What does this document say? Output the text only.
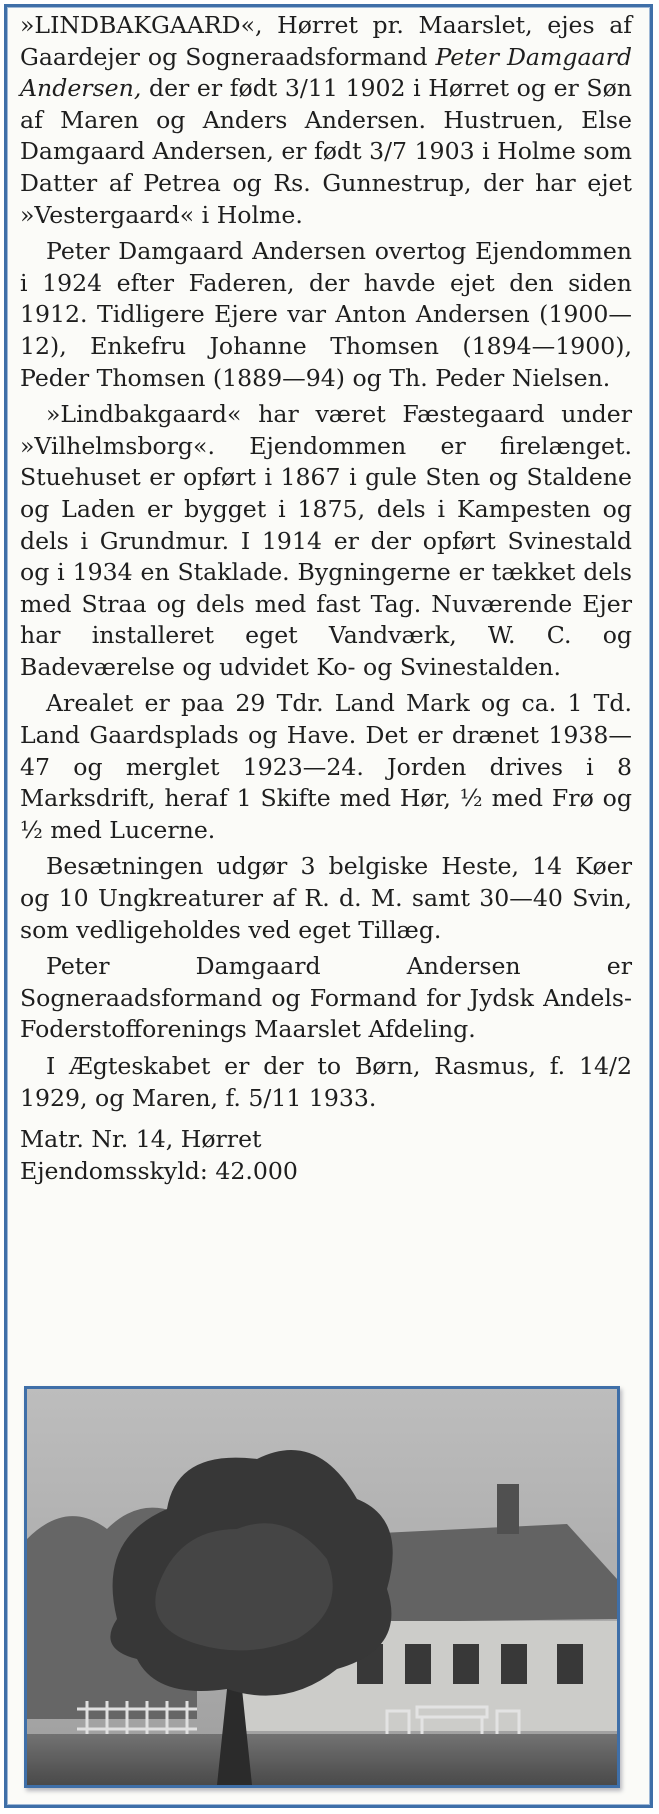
»LINDBAKGAARD«, Hørret pr. Maarslet, ejes af Gaardejer og Sogneraadsformand Peter Damgaard Andersen, der er født 3/11 1902 i Hørret og er Søn af Maren og Anders Andersen. Hustruen, Else Damgaard Andersen, er født 3/7 1903 i Holme som Datter af Petrea og Rs. Gunnestrup, der har ejet »Vestergaard« i Holme.

Peter Damgaard Andersen overtog Ejendommen i 1924 efter Faderen, der havde ejet den siden 1912. Tidligere Ejere var Anton Andersen (1900—12), Enkefru Johanne Thomsen (1894—1900), Peder Thomsen (1889—94) og Th. Peder Nielsen.

»Lindbakgaard« har været Fæstegaard under »Vilhelmsborg«. Ejendommen er firelænget. Stuehuset er opført i 1867 i gule Sten og Staldene og Laden er bygget i 1875, dels i Kampesten og dels i Grundmur. I 1914 er der opført Svinestald og i 1934 en Staklade. Bygningerne er tækket dels med Straa og dels med fast Tag. Nuværende Ejer har installeret eget Vandværk, W. C. og Badeværelse og udvidet Ko- og Svinestalden.

Arealet er paa 29 Tdr. Land Mark og ca. 1 Td. Land Gaardsplads og Have. Det er drænet 1938—47 og merglet 1923—24. Jorden drives i 8 Marksdrift, heraf 1 Skifte med Hør, ½ med Frø og ½ med Lucerne.

Besætningen udgør 3 belgiske Heste, 14 Køer og 10 Ungkreaturer af R. d. M. samt 30—40 Svin, som vedligeholdes ved eget Tillæg.

Peter Damgaard Andersen er Sogneraadsformand og Formand for Jydsk Andels-Foderstofforenings Maarslet Afdeling.

I Ægteskabet er der to Børn, Rasmus, f. 14/2 1929, og Maren, f. 5/11 1933.

Matr. Nr. 14, Hørret
Ejendomsskyld: 42.000
